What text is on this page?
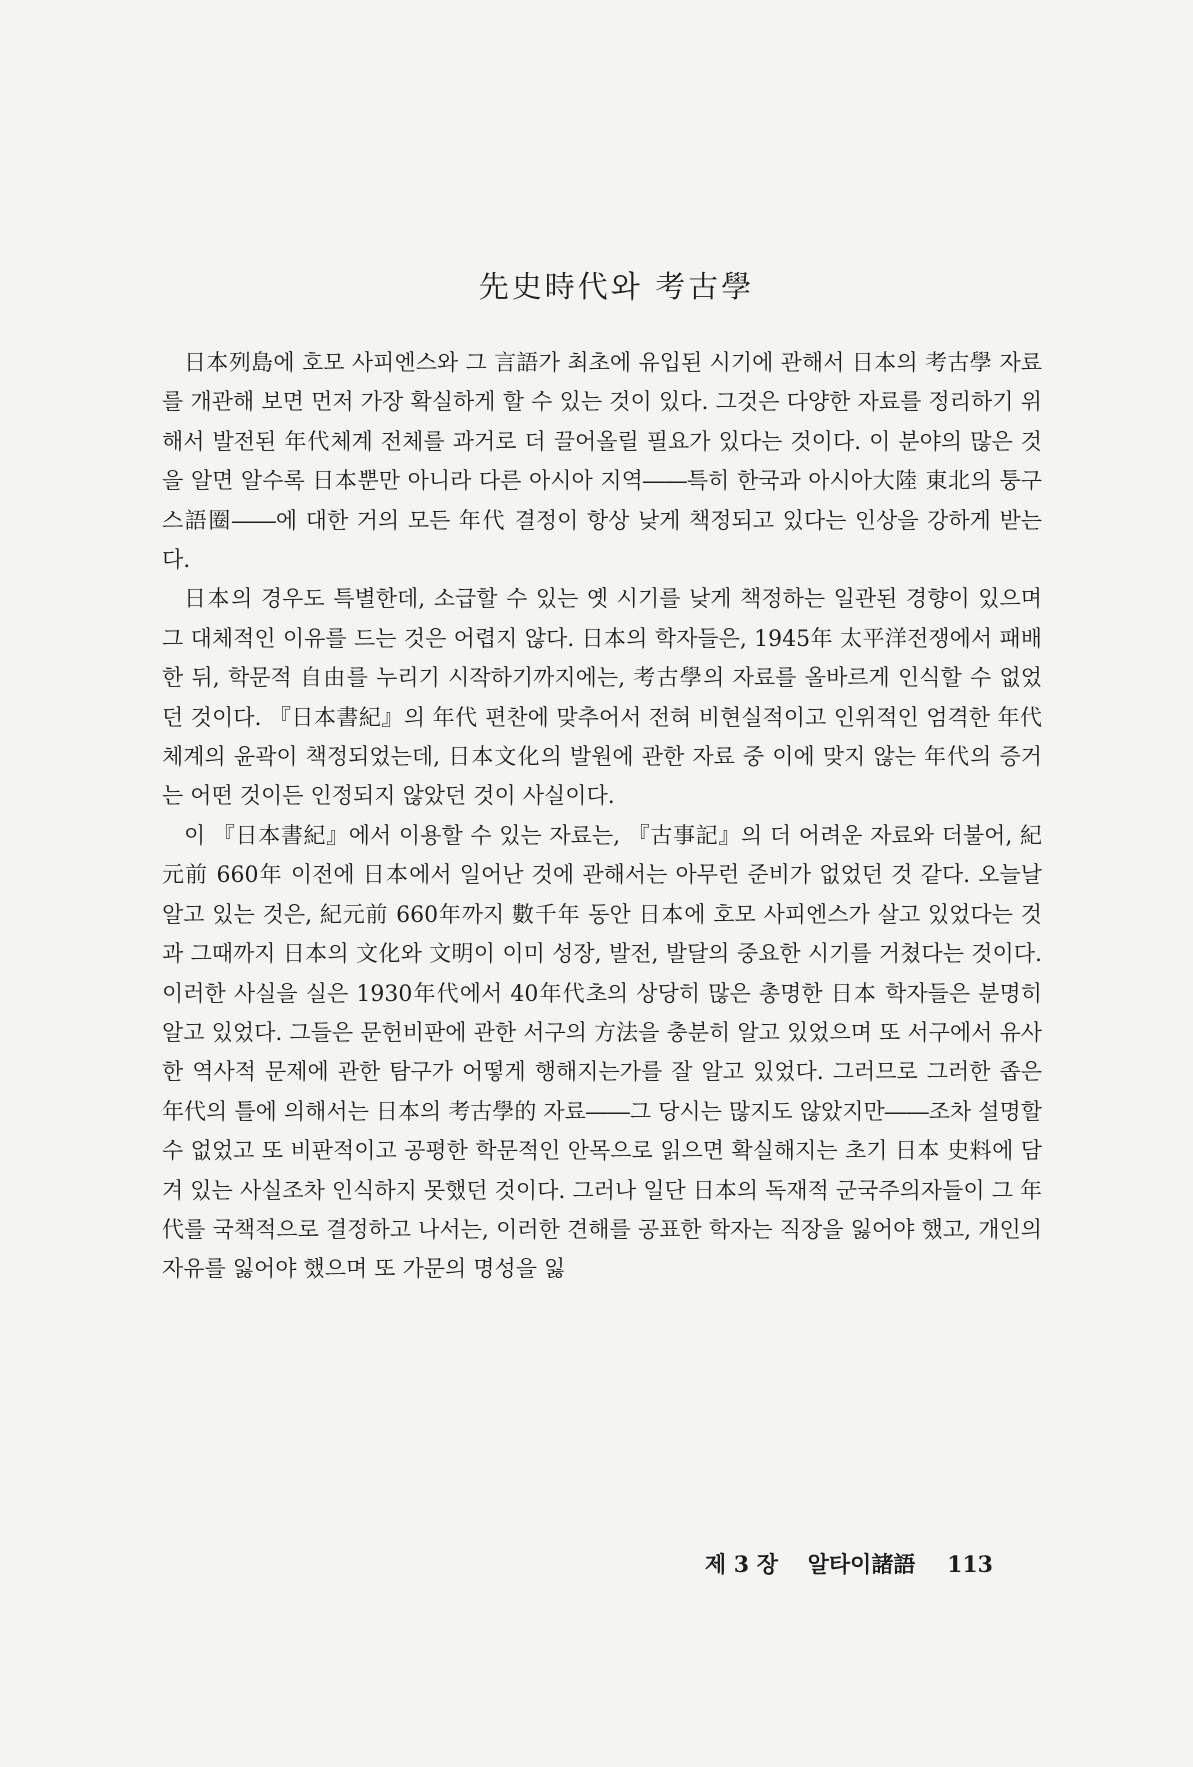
先史時代와 考古學

日本列島에 호모 사피엔스와 그 言語가 최초에 유입된 시기에 관해서 日本의 考古學 자료를 개관해 보면 먼저 가장 확실하게 할 수 있는 것이 있다. 그것은 다양한 자료를 정리하기 위해서 발전된 年代체계 전체를 과거로 더 끌어올릴 필요가 있다는 것이다. 이 분야의 많은 것을 알면 알수록 日本뿐만 아니라 다른 아시아 지역――특히 한국과 아시아大陸 東北의 퉁구스語圈――에 대한 거의 모든 年代 결정이 항상 낮게 책정되고 있다는 인상을 강하게 받는다.

日本의 경우도 특별한데, 소급할 수 있는 옛 시기를 낮게 책정하는 일관된 경향이 있으며 그 대체적인 이유를 드는 것은 어렵지 않다. 日本의 학자들은, 1945年 太平洋전쟁에서 패배한 뒤, 학문적 自由를 누리기 시작하기까지에는, 考古學의 자료를 올바르게 인식할 수 없었던 것이다. 『日本書紀』의 年代 편찬에 맞추어서 전혀 비현실적이고 인위적인 엄격한 年代체계의 윤곽이 책정되었는데, 日本文化의 발원에 관한 자료 중 이에 맞지 않는 年代의 증거는 어떤 것이든 인정되지 않았던 것이 사실이다.

이 『日本書紀』에서 이용할 수 있는 자료는, 『古事記』의 더 어려운 자료와 더불어, 紀元前 660年 이전에 日本에서 일어난 것에 관해서는 아무런 준비가 없었던 것 같다. 오늘날 알고 있는 것은, 紀元前 660年까지 數千年 동안 日本에 호모 사피엔스가 살고 있었다는 것과 그때까지 日本의 文化와 文明이 이미 성장, 발전, 발달의 중요한 시기를 거쳤다는 것이다. 이러한 사실을 실은 1930年代에서 40年代초의 상당히 많은 총명한 日本 학자들은 분명히 알고 있었다. 그들은 문헌비판에 관한 서구의 方法을 충분히 알고 있었으며 또 서구에서 유사한 역사적 문제에 관한 탐구가 어떻게 행해지는가를 잘 알고 있었다. 그러므로 그러한 좁은 年代의 틀에 의해서는 日本의 考古學的 자료――그 당시는 많지도 않았지만――조차 설명할 수 없었고 또 비판적이고 공평한 학문적인 안목으로 읽으면 확실해지는 초기 日本 史料에 담겨 있는 사실조차 인식하지 못했던 것이다. 그러나 일단 日本의 독재적 군국주의자들이 그 年代를 국책적으로 결정하고 나서는, 이러한 견해를 공표한 학자는 직장을 잃어야 했고, 개인의 자유를 잃어야 했으며 또 가문의 명성을 잃

제 3 장 알타이諸語 113
